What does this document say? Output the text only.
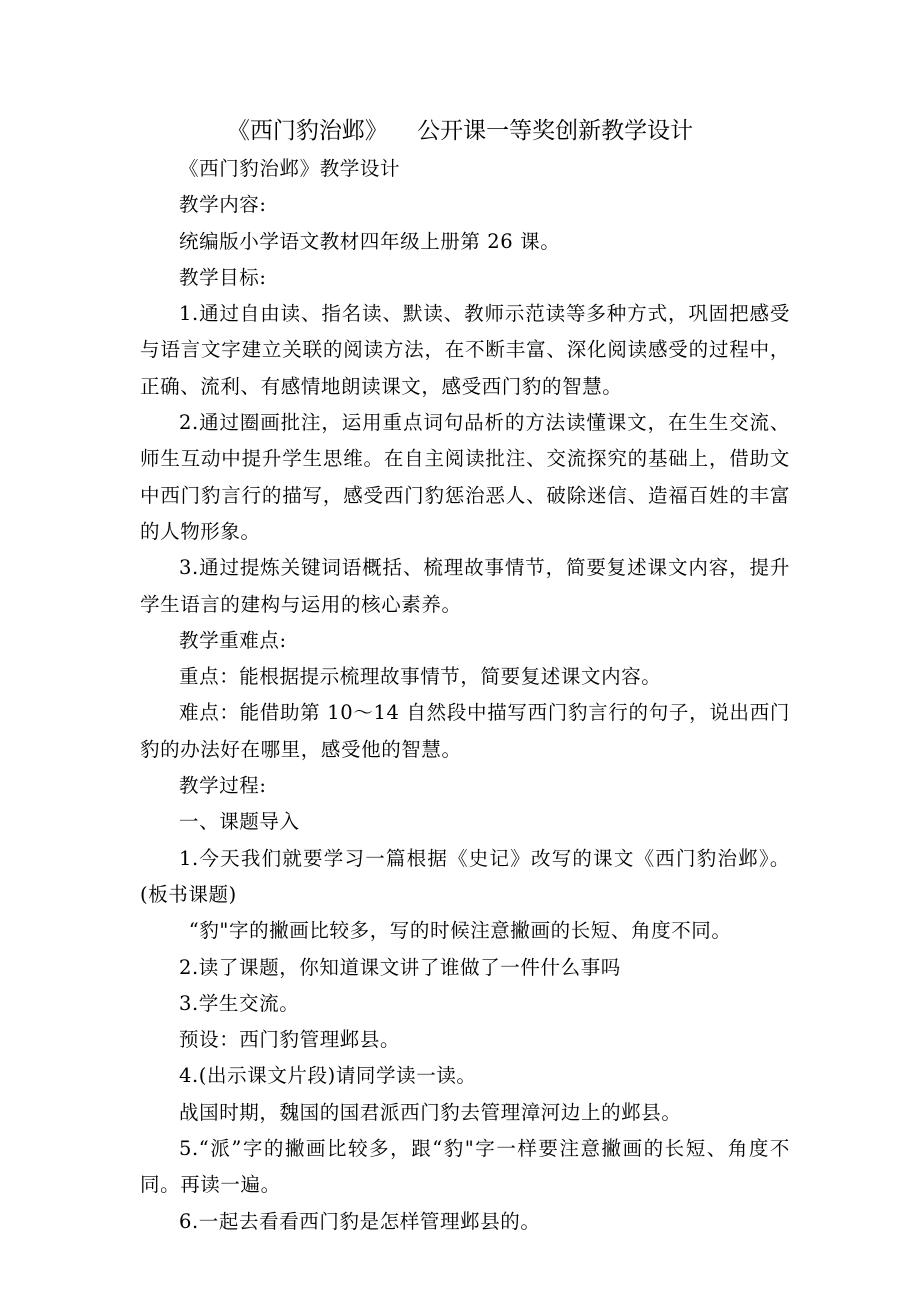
《西门豹治邺》    公开课一等奖创新教学设计

《西门豹治邺》教学设计

教学内容:

统编版小学语文教材四年级上册第 26 课。

教学目标:

1.通过自由读、指名读、默读、教师示范读等多种方式，巩固把感受与语言文字建立关联的阅读方法，在不断丰富、深化阅读感受的过程中，正确、流利、有感情地朗读课文，感受西门豹的智慧。

2.通过圈画批注，运用重点词句品析的方法读懂课文，在生生交流、师生互动中提升学生思维。在自主阅读批注、交流探究的基础上，借助文中西门豹言行的描写，感受西门豹惩治恶人、破除迷信、造福百姓的丰富的人物形象。

3.通过提炼关键词语概括、梳理故事情节，简要复述课文内容，提升学生语言的建构与运用的核心素养。

教学重难点:

重点：能根据提示梳理故事情节，简要复述课文内容。

难点：能借助第 10～14 自然段中描写西门豹言行的句子，说出西门豹的办法好在哪里，感受他的智慧。

教学过程:

一、课题导入

1.今天我们就要学习一篇根据《史记》改写的课文《西门豹治邺》。(板书课题)

“豹"字的撇画比较多，写的时候注意撇画的长短、角度不同。

2.读了课题，你知道课文讲了谁做了一件什么事吗

3.学生交流。

预设：西门豹管理邺县。

4.(出示课文片段)请同学读一读。

战国时期，魏国的国君派西门豹去管理漳河边上的邺县。

5.“派”字的撇画比较多，跟“豹"字一样要注意撇画的长短、角度不同。再读一遍。

6.一起去看看西门豹是怎样管理邺县的。
